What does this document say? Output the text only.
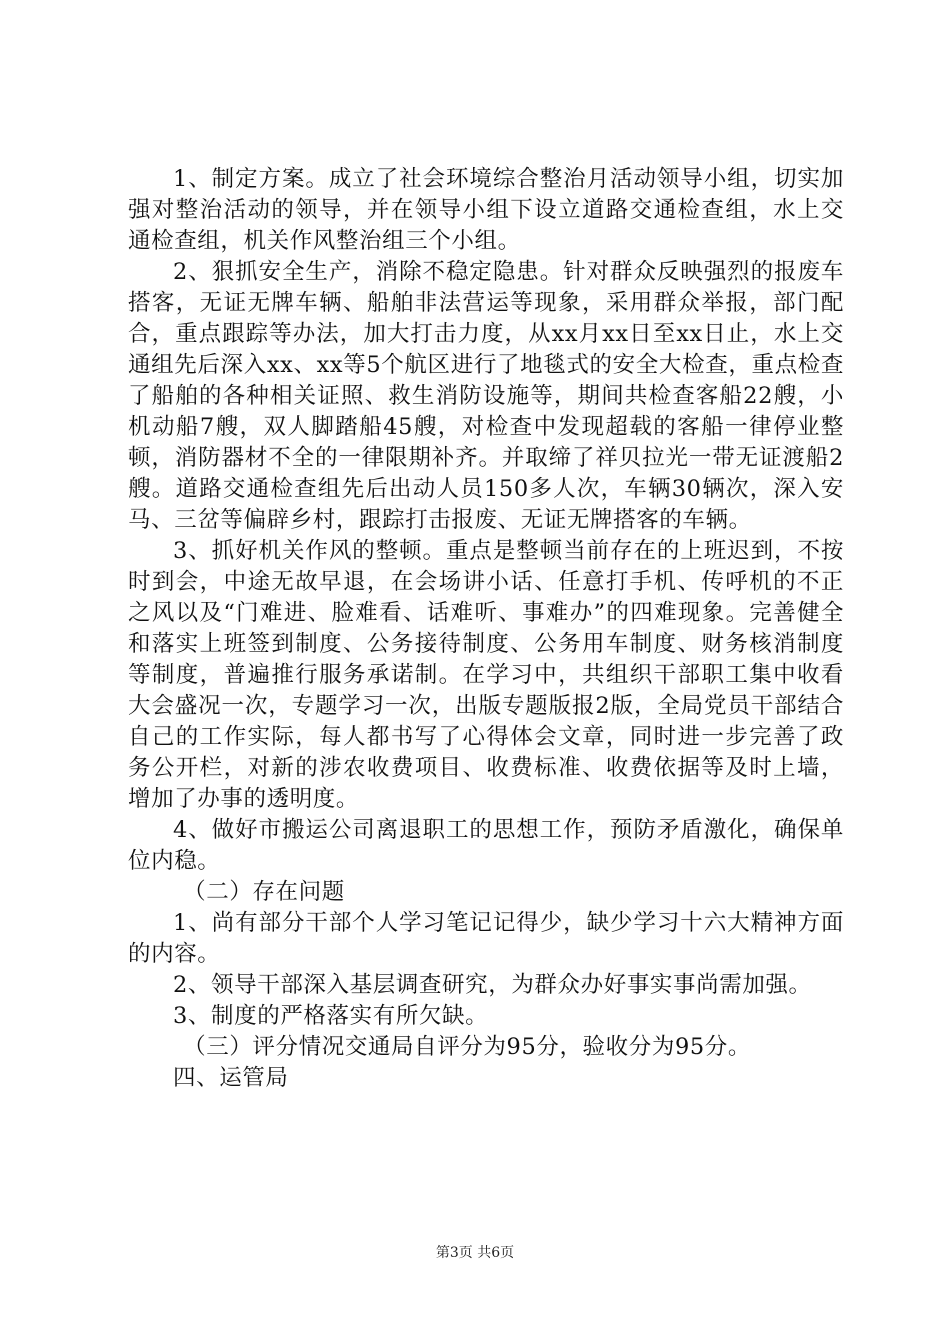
1、制定方案。成立了社会环境综合整治月活动领导小组，切实加强对整治活动的领导，并在领导小组下设立道路交通检查组，水上交通检查组，机关作风整治组三个小组。

2、狠抓安全生产，消除不稳定隐患。针对群众反映强烈的报废车搭客，无证无牌车辆、船舶非法营运等现象，采用群众举报，部门配合，重点跟踪等办法，加大打击力度，从xx月xx日至xx日止，水上交通组先后深入xx、xx等5个航区进行了地毯式的安全大检查，重点检查了船舶的各种相关证照、救生消防设施等，期间共检查客船22艘，小机动船7艘，双人脚踏船45艘，对检查中发现超载的客船一律停业整顿，消防器材不全的一律限期补齐。并取缔了祥贝拉光一带无证渡船2艘。道路交通检查组先后出动人员150多人次，车辆30辆次，深入安马、三岔等偏辟乡村，跟踪打击报废、无证无牌搭客的车辆。

3、抓好机关作风的整顿。重点是整顿当前存在的上班迟到，不按时到会，中途无故早退，在会场讲小话、任意打手机、传呼机的不正之风以及“门难进、脸难看、话难听、事难办”的四难现象。完善健全和落实上班签到制度、公务接待制度、公务用车制度、财务核消制度等制度，普遍推行服务承诺制。在学习中，共组织干部职工集中收看大会盛况一次，专题学习一次，出版专题版报2版，全局党员干部结合自己的工作实际，每人都书写了心得体会文章，同时进一步完善了政务公开栏，对新的涉农收费项目、收费标准、收费依据等及时上墙，增加了办事的透明度。

4、做好市搬运公司离退职工的思想工作，预防矛盾激化，确保单位内稳。

（二）存在问题

1、尚有部分干部个人学习笔记记得少，缺少学习十六大精神方面的内容。

2、领导干部深入基层调查研究，为群众办好事实事尚需加强。

3、制度的严格落实有所欠缺。

（三）评分情况交通局自评分为95分，验收分为95分。

四、运管局

第3页 共6页
